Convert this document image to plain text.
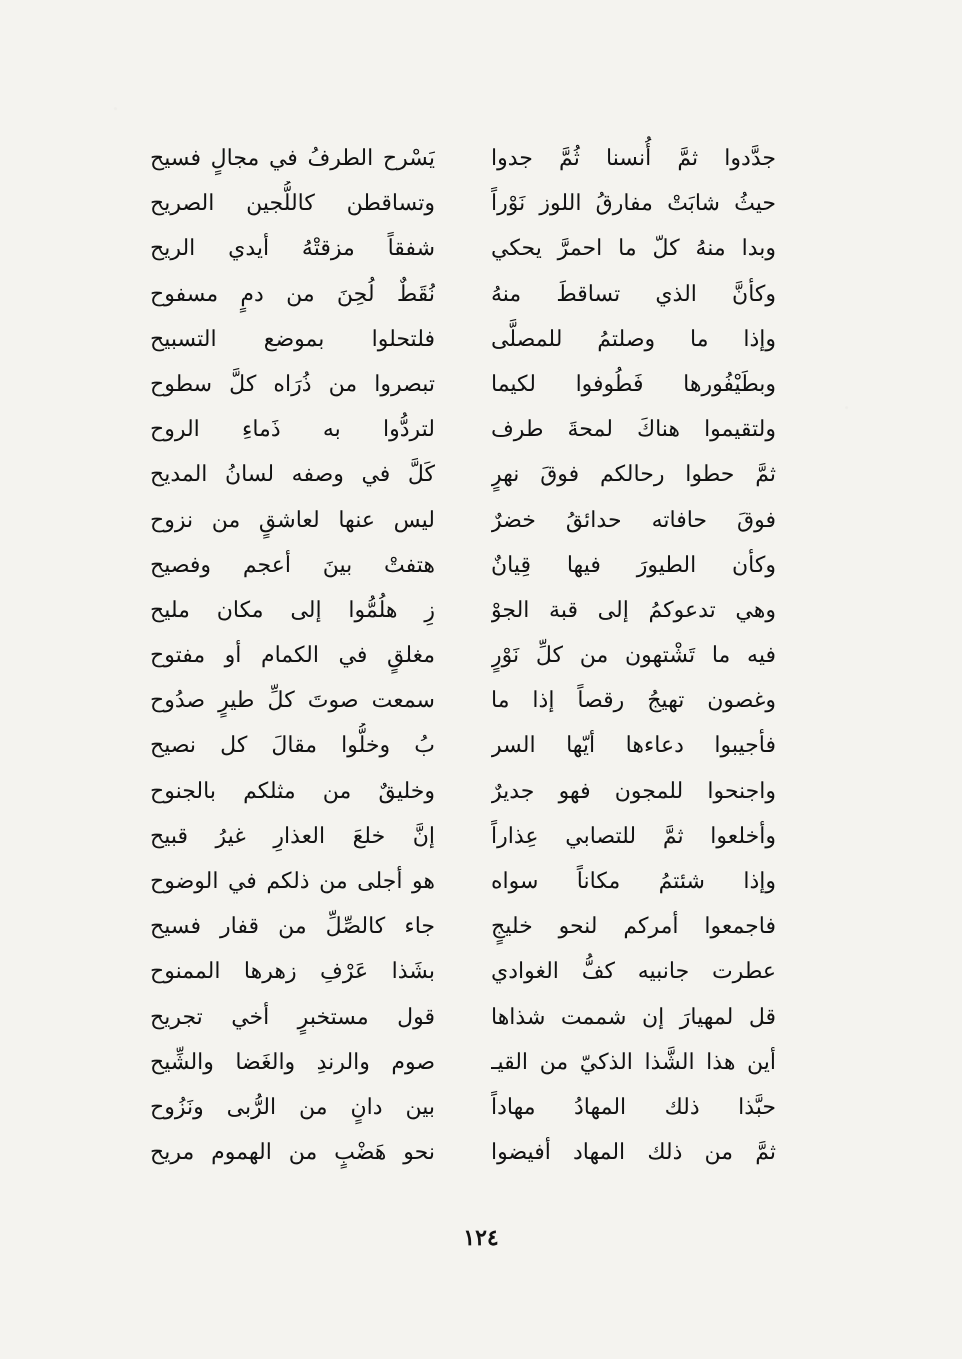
جدَّدوا ثمَّ أُنسنا ثُمَّ جدوا
يَسْرح الطرفُ في مجالٍ فسيح
حيثُ شابَتْ مفارقُ اللوز نَوْراً
وتساقطن كاللُّجين الصريح
وبدا منهُ كلّ ما احمرَّ يحكي
شفقاً مزقتْهُ أيدي الريح
وكأنَّ الذي تساقطَ منهُ
نُقَطٌ لُحِنَ من دمٍ مسفوح
وإذا ما وصلتمُ للمصلَّى
فلتحلوا بموضع التسبيح
وبطَيْفُورها فَطُوفوا لكيما
تبصروا من ذُرَاه كلَّ سطوح
ولتقيموا هناكَ لمحةَ طرف
لتردُّوا به ذَماءِ الروح
ثمَّ حطوا رحالكم فوقَ نهرٍ
كَلَّ في وصفه لسانُ المديح
فوقَ حافاته حدائقُ خضرٌ
ليس عنها لعاشقٍ من نزوح
وكأن الطيورَ فيها قِيانٌ
هتفتْ بينَ أعجم وفصيح
وهي تدعوكمُ إلى قبة الجوْ
زِ هلُمُّوا إلى مكان مليح
فيه ما تَشْتهون من كلِّ نَوْرٍ
مغلقٍ في الكمام أو مفتوح
وغصون تهيجُ رقصاً إذا ما
سمعت صوتَ كلِّ طيرٍ صدُوح
فأجيبوا دعاءها أيّها السر
بُ وخلُّوا مقالَ كل نصيح
واجنحوا للمجون فهو جديرٌ
وخليقٌ من مثلكم بالجنوح
وأخلعوا ثمَّ للتصابي عِذاراً
إنَّ خلعَ العذارِ غيرُ قبيح
وإذا شئتمُ مكاناً سواه
هو أجلى من ذلكم في الوضوح
فاجمعوا أمركم لنحو خليجٍ
جاء كالصِّلِّ من قفار فسيح
عطرت جانبيه كفُّ الغوادي
بشَذا عَرْفِ زهرها الممنوح
قل لمهيارَ إن شممت شذاها
قول مستخبرٍ أخي تجريح
أين هذا الشَّذا الذكيّ من القيـ
صوم والرندِ والغَضا والشِّيح
حبَّذا ذلك المهادُ مهاداً
بين دانٍ من الرُّبى ونَزُوح
ثمَّ من ذلك المهاد أفيضوا
نحو هَضْبٍ من الهموم مريح
١٢٤
